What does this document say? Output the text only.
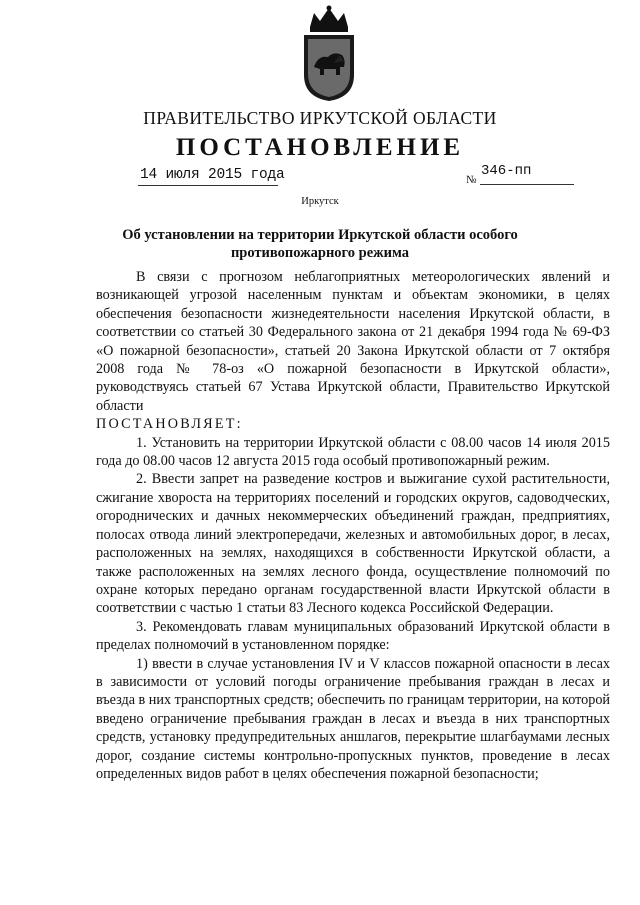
ПРАВИТЕЛЬСТВО ИРКУТСКОЙ ОБЛАСТИ
ПОСТАНОВЛЕНИЕ
14 июля 2015 года	№
346-пп
Иркутск
Об установлении на территории Иркутской области особого противопожарного режима

В связи с прогнозом неблагоприятных метеорологических явлений и возникающей угрозой населенным пунктам и объектам экономики, в целях обеспечения безопасности жизнедеятельности населения Иркутской области, в соответствии со статьей 30 Федерального закона от 21 декабря 1994 года № 69-ФЗ «О пожарной безопасности», статьей 20 Закона Иркутской области от 7 октября 2008 года № 78-оз «О пожарной безопасности в Иркутской области», руководствуясь статьей 67 Устава Иркутской области, Правительство Иркутской области

ПОСТАНОВЛЯЕТ:

1. Установить на территории Иркутской области с 08.00 часов 14 июля 2015 года до 08.00 часов 12 августа 2015 года особый противопожарный режим.

2. Ввести запрет на разведение костров и выжигание сухой растительности, сжигание хвороста на территориях поселений и городских округов, садоводческих, огороднических и дачных некоммерческих объединений граждан, предприятиях, полосах отвода линий электропередачи, железных и автомобильных дорог, в лесах, расположенных на землях, находящихся в собственности Иркутской области, а также расположенных на землях лесного фонда, осуществление полномочий по охране которых передано органам государственной власти Иркутской области в соответствии с частью 1 статьи 83 Лесного кодекса Российской Федерации.

3. Рекомендовать главам муниципальных образований Иркутской области в пределах полномочий в установленном порядке:

1) ввести в случае установления IV и V классов пожарной опасности в лесах в зависимости от условий погоды ограничение пребывания граждан в лесах и въезда в них транспортных средств; обеспечить по границам территории, на которой введено ограничение пребывания граждан в лесах и въезда в них транспортных средств, установку предупредительных аншлагов, перекрытие шлагбаумами лесных дорог, создание системы контрольно-пропускных пунктов, проведение в лесах определенных видов работ в целях обеспечения пожарной безопасности;
